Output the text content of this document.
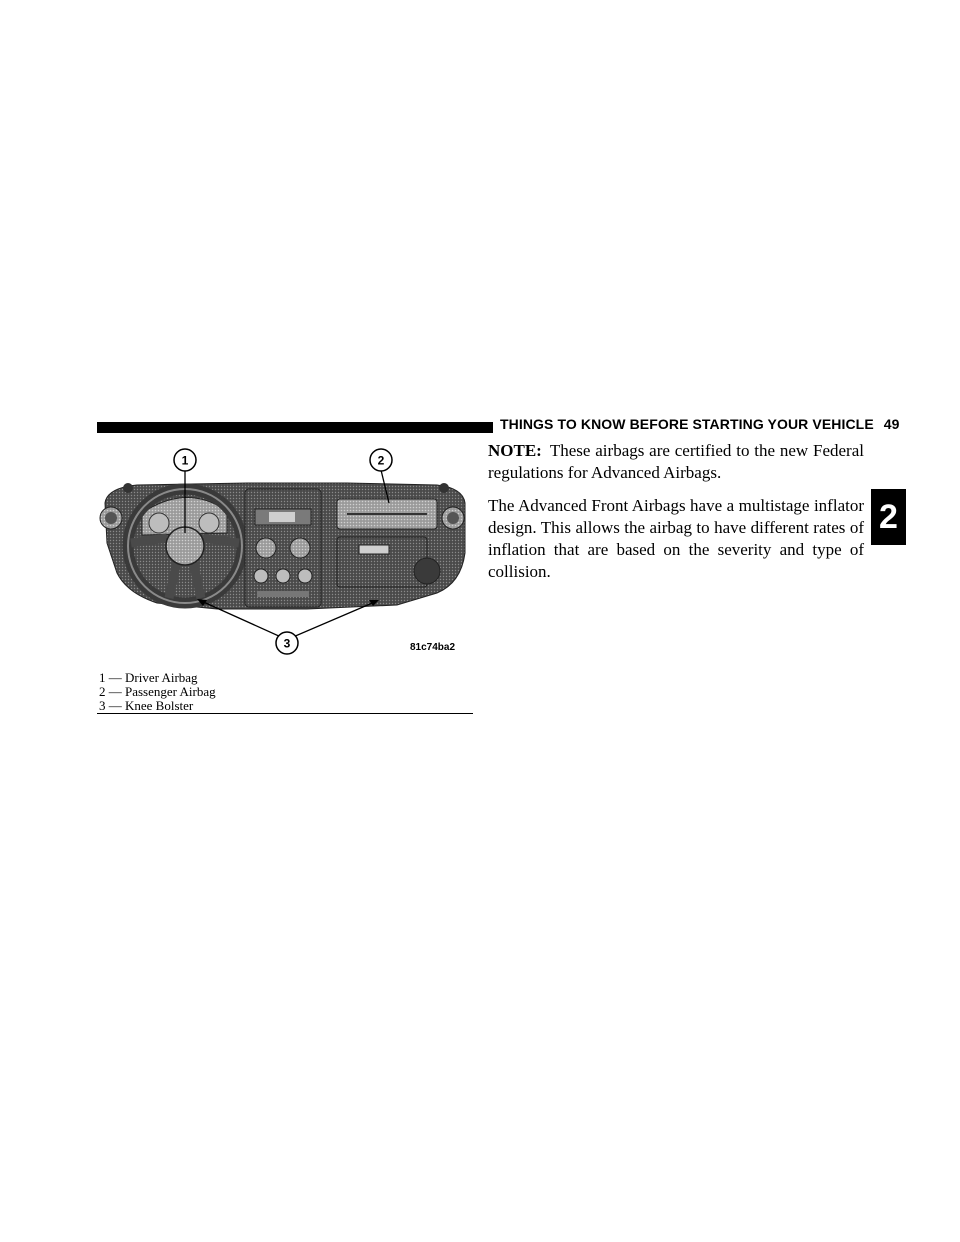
THINGS TO KNOW BEFORE STARTING YOUR VEHICLE 49
1	2
3	81c74ba2
1 — Driver Airbag
2 — Passenger Airbag
3 — Knee Bolster

NOTE: These airbags are certified to the new Federal regulations for Advanced Airbags.

The Advanced Front Airbags have a multistage inflator design. This allows the airbag to have different rates of inflation that are based on the severity and type of collision.

2
